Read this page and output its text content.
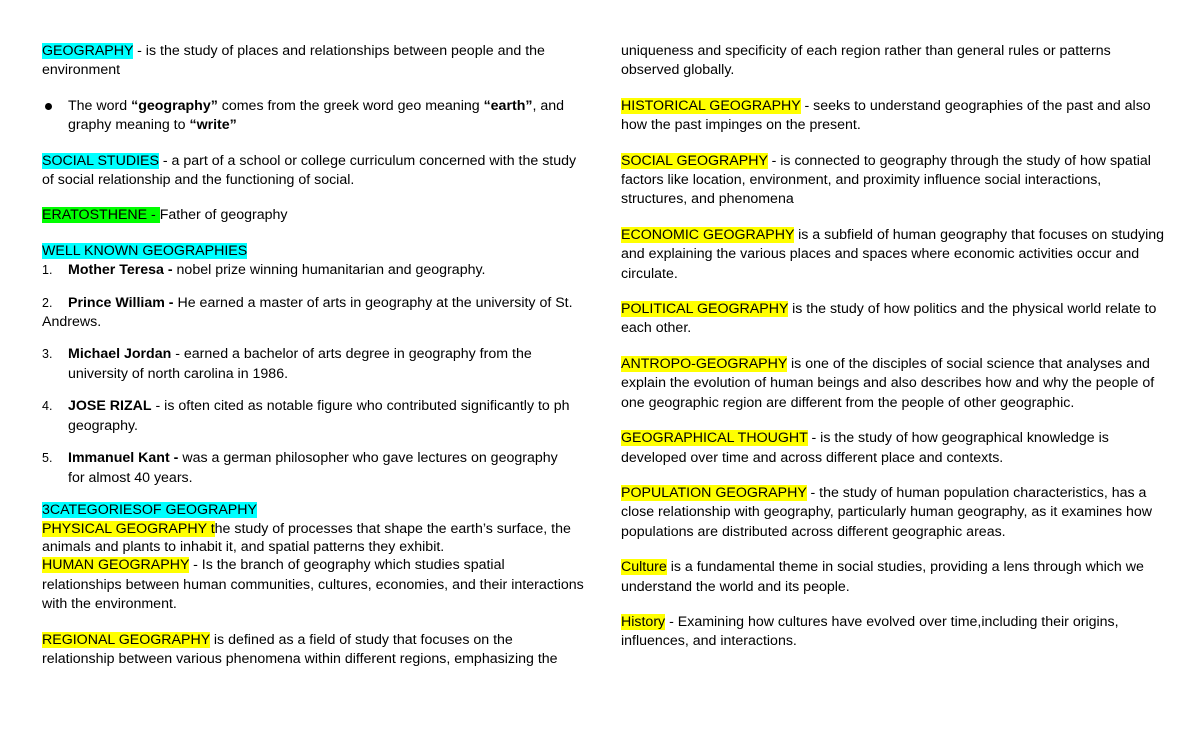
GEOGRAPHY - is the study of places and relationships between people and the environment

The word “geography” comes from the greek word geo meaning “earth”, and graphy meaning to “write”

SOCIAL STUDIES - a part of a school or college curriculum concerned with the study of social relationship and the functioning of social.

ERATOSTHENE - Father of geography

WELL KNOWN GEOGRAPHIES

1. Mother Teresa - nobel prize winning humanitarian and geography.

2. Prince William - He earned a master of arts in geography at the university of St. Andrews.

3. Michael Jordan - earned a bachelor of arts degree in geography from the university of north carolina in 1986.

4. JOSE RIZAL - is often cited as notable figure who contributed significantly to ph geography.

5. Immanuel Kant - was a german philosopher who gave lectures on geography for almost 40 years.

3CATEGORIESOF GEOGRAPHY

PHYSICAL GEOGRAPHY the study of processes that shape the earth’s surface, the animals and plants to inhabit it, and spatial patterns they exhibit.

HUMAN GEOGRAPHY - Is the branch of geography which studies spatial relationships between human communities, cultures, economies, and their interactions with the environment.

REGIONAL GEOGRAPHY is defined as a field of study that focuses on the relationship between various phenomena within different regions, emphasizing the

uniqueness and specificity of each region rather than general rules or patterns observed globally.

HISTORICAL GEOGRAPHY - seeks to understand geographies of the past and also how the past impinges on the present.

SOCIAL GEOGRAPHY - is connected to geography through the study of how spatial factors like location, environment, and proximity influence social interactions, structures, and phenomena

ECONOMIC GEOGRAPHY is a subfield of human geography that focuses on studying and explaining the various places and spaces where economic activities occur and circulate.

POLITICAL GEOGRAPHY is the study of how politics and the physical world relate to each other.

ANTROPO-GEOGRAPHY is one of the disciples of social science that analyses and explain the evolution of human beings and also describes how and why the people of one geographic region are different from the people of other geographic.

GEOGRAPHICAL THOUGHT - is the study of how geographical knowledge is developed over time and across different place and contexts.

POPULATION GEOGRAPHY - the study of human population characteristics, has a close relationship with geography, particularly human geography, as it examines how populations are distributed across different geographic areas.

Culture is a fundamental theme in social studies, providing a lens through which we understand the world and its people.

History - Examining how cultures have evolved over time,including their origins, influences, and interactions.
